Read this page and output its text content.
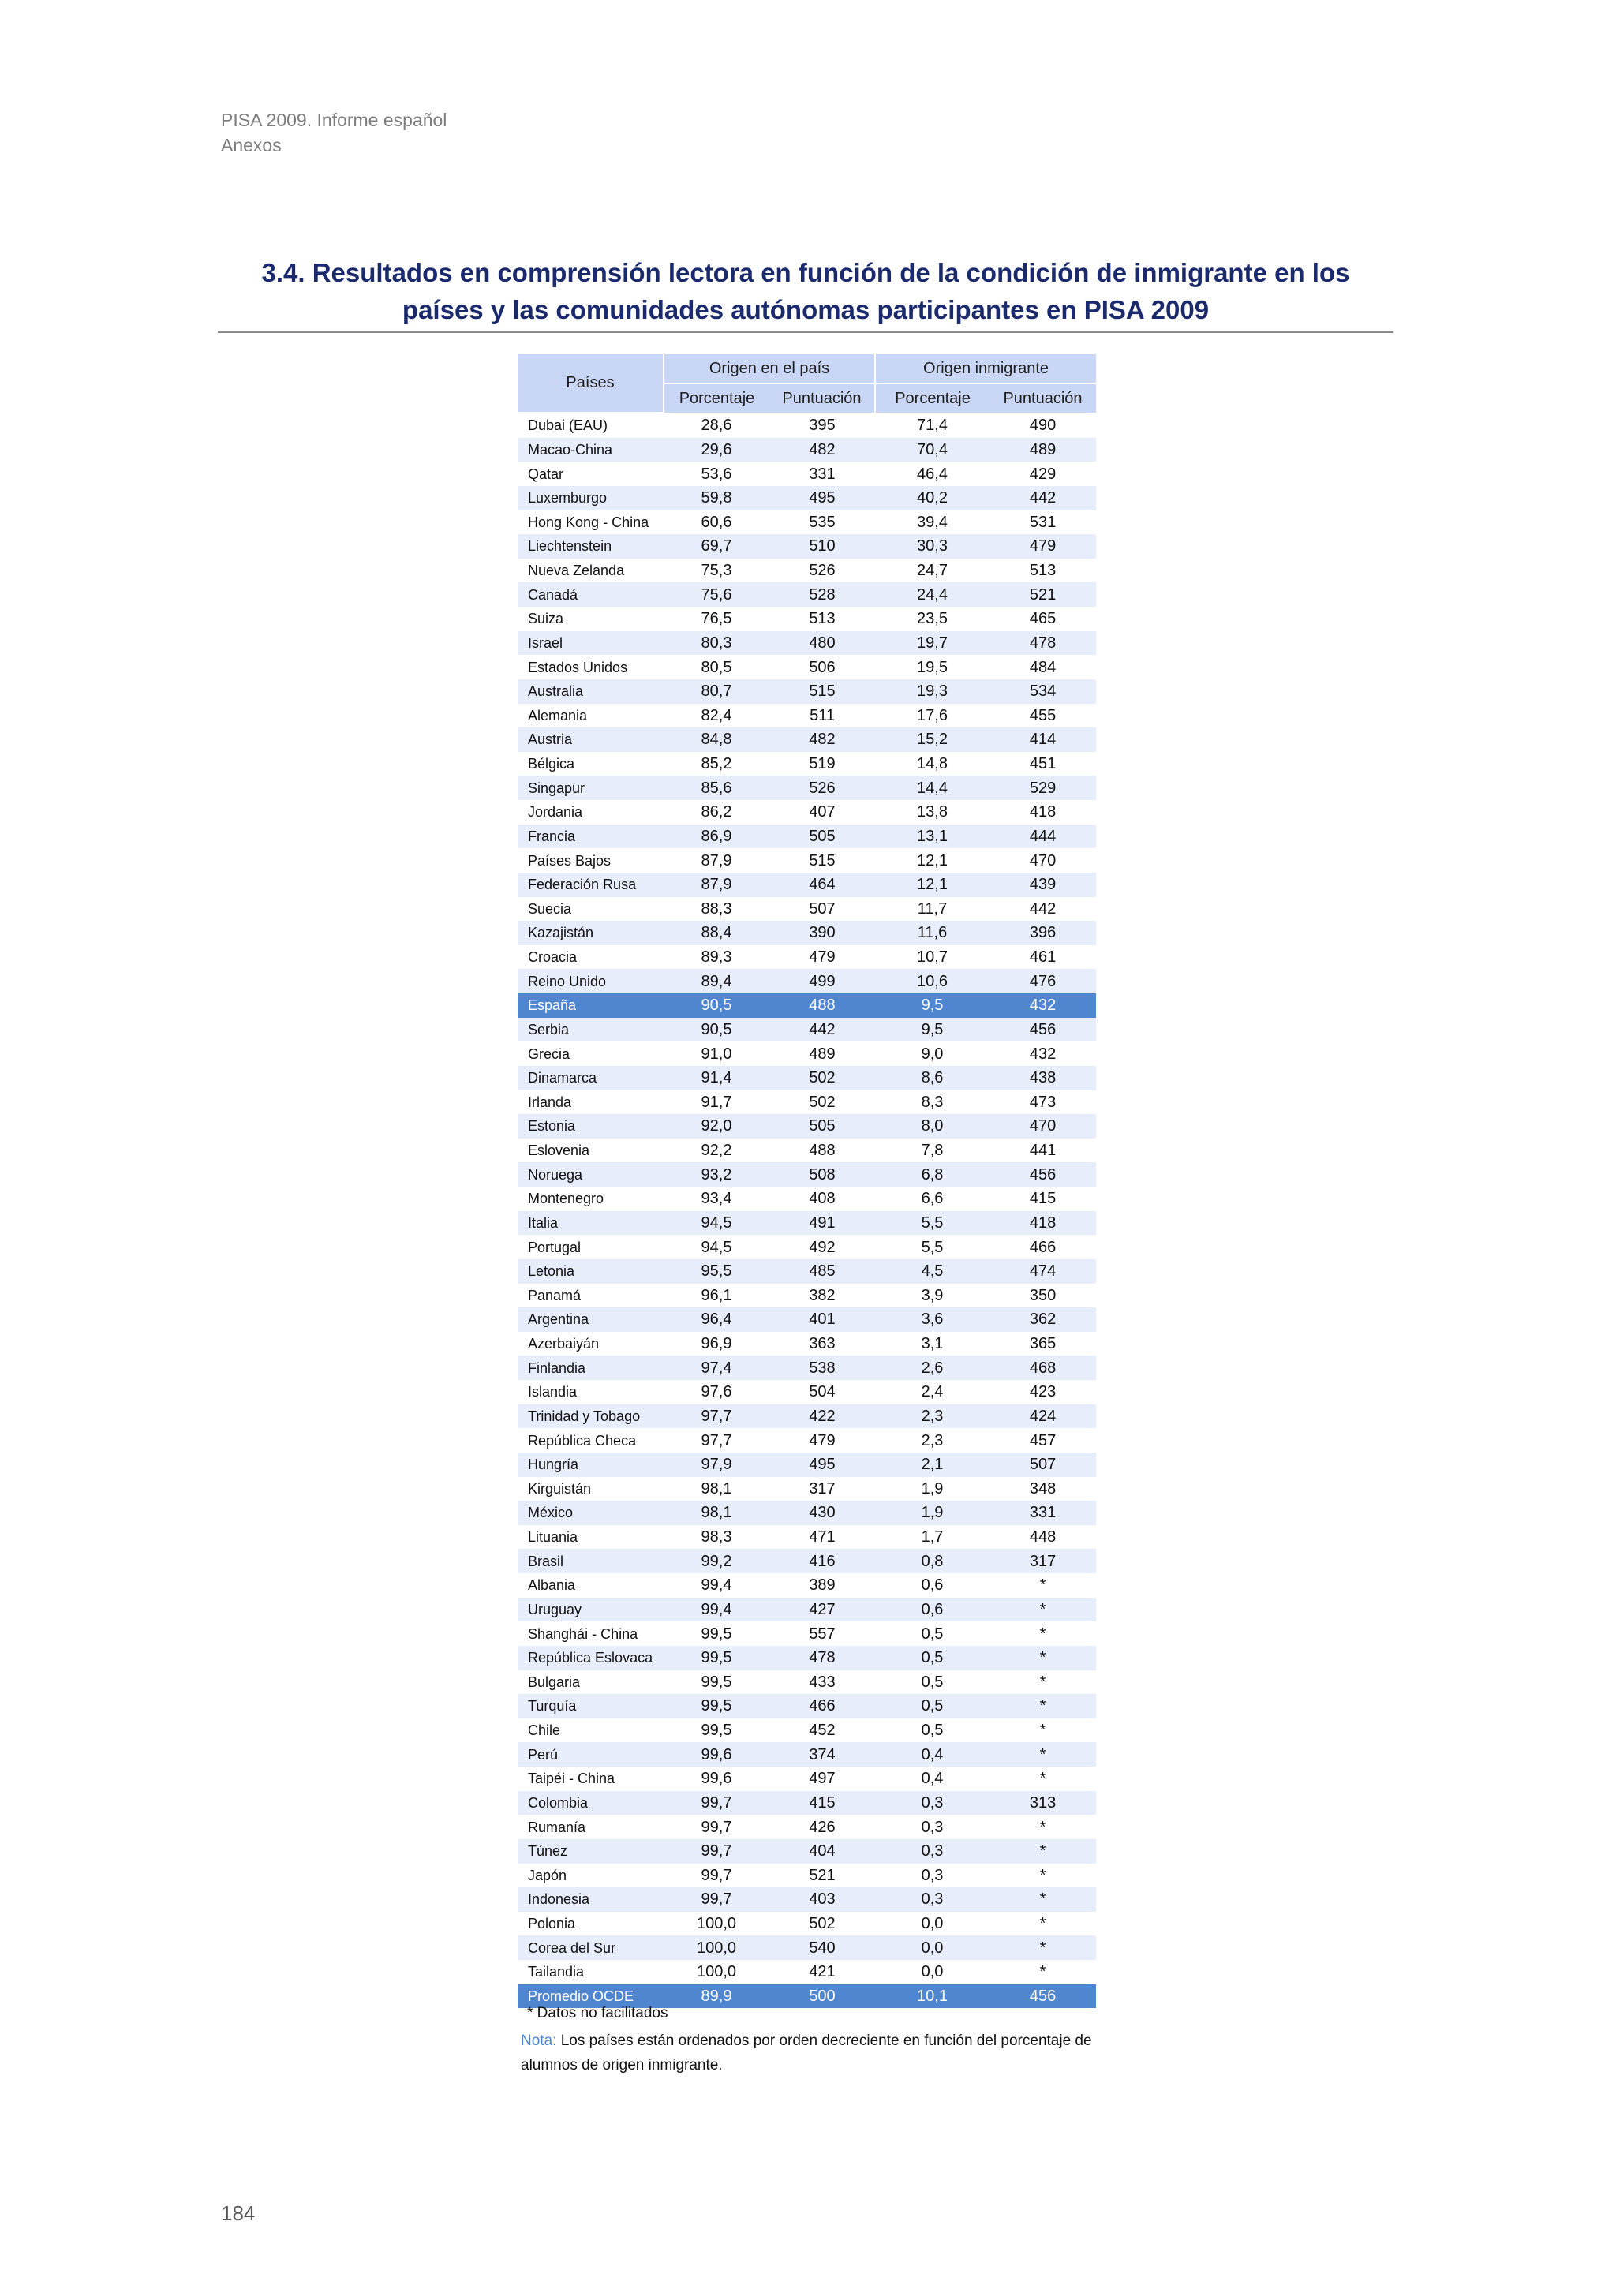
PISA 2009. Informe español
Anexos
3.4. Resultados en comprensión lectora en función de la condición de inmigrante en los países y las comunidades autónomas participantes en PISA 2009
Países	Origen en el país		Origen inmigrante	
	Porcentaje	Puntuación	Porcentaje	Puntuación
Dubai (EAU)	28,6	395	71,4	490
Macao-China	29,6	482	70,4	489
Qatar	53,6	331	46,4	429
Luxemburgo	59,8	495	40,2	442
Hong Kong - China	60,6	535	39,4	531
Liechtenstein	69,7	510	30,3	479
Nueva Zelanda	75,3	526	24,7	513
Canadá	75,6	528	24,4	521
Suiza	76,5	513	23,5	465
Israel	80,3	480	19,7	478
Estados Unidos	80,5	506	19,5	484
Australia	80,7	515	19,3	534
Alemania	82,4	511	17,6	455
Austria	84,8	482	15,2	414
Bélgica	85,2	519	14,8	451
Singapur	85,6	526	14,4	529
Jordania	86,2	407	13,8	418
Francia	86,9	505	13,1	444
Países Bajos	87,9	515	12,1	470
Federación Rusa	87,9	464	12,1	439
Suecia	88,3	507	11,7	442
Kazajistán	88,4	390	11,6	396
Croacia	89,3	479	10,7	461
Reino Unido	89,4	499	10,6	476
España	90,5	488	9,5	432
Serbia	90,5	442	9,5	456
Grecia	91,0	489	9,0	432
Dinamarca	91,4	502	8,6	438
Irlanda	91,7	502	8,3	473
Estonia	92,0	505	8,0	470
Eslovenia	92,2	488	7,8	441
Noruega	93,2	508	6,8	456
Montenegro	93,4	408	6,6	415
Italia	94,5	491	5,5	418
Portugal	94,5	492	5,5	466
Letonia	95,5	485	4,5	474
Panamá	96,1	382	3,9	350
Argentina	96,4	401	3,6	362
Azerbaiyán	96,9	363	3,1	365
Finlandia	97,4	538	2,6	468
Islandia	97,6	504	2,4	423
Trinidad y Tobago	97,7	422	2,3	424
República Checa	97,7	479	2,3	457
Hungría	97,9	495	2,1	507
Kirguistán	98,1	317	1,9	348
México	98,1	430	1,9	331
Lituania	98,3	471	1,7	448
Brasil	99,2	416	0,8	317
Albania	99,4	389	0,6	*
Uruguay	99,4	427	0,6	*
Shanghái - China	99,5	557	0,5	*
República Eslovaca	99,5	478	0,5	*
Bulgaria	99,5	433	0,5	*
Turquía	99,5	466	0,5	*
Chile	99,5	452	0,5	*
Perú	99,6	374	0,4	*
Taipéi - China	99,6	497	0,4	*
Colombia	99,7	415	0,3	313
Rumanía	99,7	426	0,3	*
Túnez	99,7	404	0,3	*
Japón	99,7	521	0,3	*
Indonesia	99,7	403	0,3	*
Polonia	100,0	502	0,0	*
Corea del Sur	100,0	540	0,0	*
Tailandia	100,0	421	0,0	*
Promedio OCDE	89,9	500	10,1	456
* Datos no facilitados
Nota: Los países están ordenados por orden decreciente en función del porcentaje de alumnos de origen inmigrante.
184
